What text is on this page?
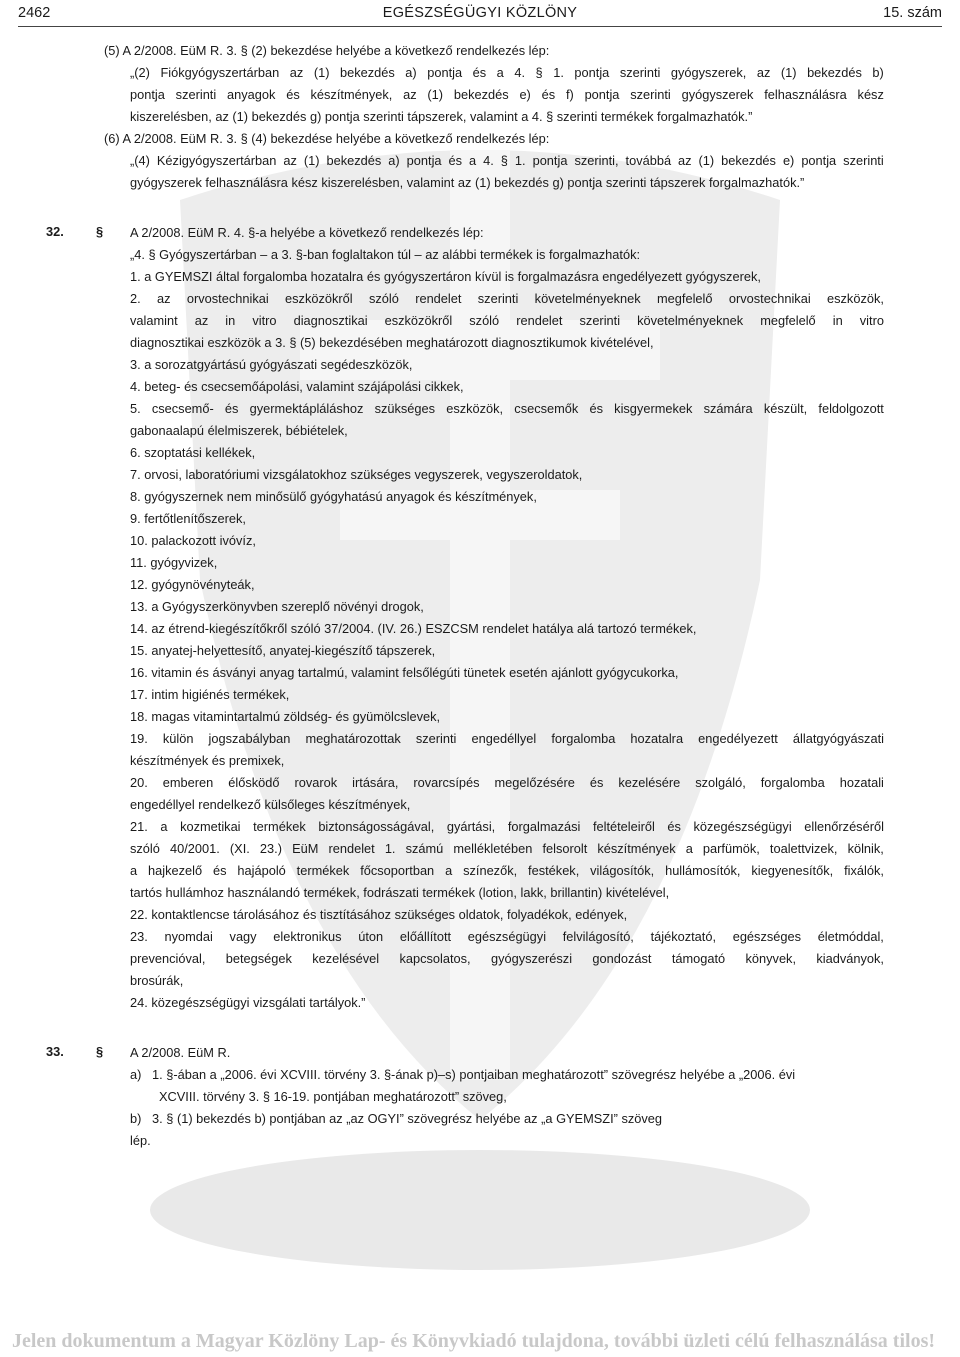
2462	EGÉSZSÉGÜGYI KÖZLÖNY	15. szám
(5) A 2/2008. EüM R. 3. § (2) bekezdése helyébe a következő rendelkezés lép:
„(2) Fiókgyógyszertárban az (1) bekezdés a) pontja és a 4. § 1. pontja szerinti gyógyszerek, az (1) bekezdés b)
pontja szerinti anyagok és készítmények, az (1) bekezdés e) és f) pontja szerinti gyógyszerek felhasználásra kész
kiszerelésben, az (1) bekezdés g) pontja szerinti tápszerek, valamint a 4. § szerinti termékek forgalmazhatók.”
(6) A 2/2008. EüM R. 3. § (4) bekezdése helyébe a következő rendelkezés lép:
„(4) Kézigyógyszertárban az (1) bekezdés a) pontja és a 4. § 1. pontja szerinti, továbbá az (1) bekezdés e) pontja szerinti
gyógyszerek felhasználásra kész kiszerelésben, valamint az (1) bekezdés g) pontja szerinti tápszerek forgalmazhatók.”
32.	§ A 2/2008. EüM R. 4. §-a helyébe a következő rendelkezés lép:
„4. § Gyógyszertárban – a 3. §-ban foglaltakon túl – az alábbi termékek is forgalmazhatók:
1. a GYEMSZI által forgalomba hozatalra és gyógyszertáron kívül is forgalmazásra engedélyezett gyógyszerek,
2. az orvostechnikai eszközökről szóló rendelet szerinti követelményeknek megfelelő orvostechnikai eszközök,
valamint az in vitro diagnosztikai eszközökről szóló rendelet szerinti követelményeknek megfelelő in vitro
diagnosztikai eszközök a 3. § (5) bekezdésében meghatározott diagnosztikumok kivételével,
3. a sorozatgyártású gyógyászati segédeszközök,
4. beteg- és csecsemőápolási, valamint szájápolási cikkek,
5. csecsemő- és gyermektápláláshoz szükséges eszközök, csecsemők és kisgyermekek számára készült, feldolgozott
gabonaalapú élelmiszerek, bébiételek,
6. szoptatási kellékek,
7. orvosi, laboratóriumi vizsgálatokhoz szükséges vegyszerek, vegyszeroldatok,
8. gyógyszernek nem minősülő gyógyhatású anyagok és készítmények,
9. fertőtlenítőszerek,
10. palackozott ivóvíz,
11. gyógyvizek,
12. gyógynövényteák,
13. a Gyógyszerkönyvben szereplő növényi drogok,
14. az étrend-kiegészítőkről szóló 37/2004. (IV. 26.) ESZCSM rendelet hatálya alá tartozó termékek,
15. anyatej-helyettesítő, anyatej-kiegészítő tápszerek,
16. vitamin és ásványi anyag tartalmú, valamint felsőlégúti tünetek esetén ajánlott gyógycukorka,
17. intim higiénés termékek,
18. magas vitamintartalmú zöldség- és gyümölcslevek,
19. külön jogszabályban meghatározottak szerinti engedéllyel forgalomba hozatalra engedélyezett állatgyógyászati
készítmények és premixek,
20. emberen élősködő rovarok irtására, rovarcsípés megelőzésére és kezelésére szolgáló, forgalomba hozatali
engedéllyel rendelkező külsőleges készítmények,
21. a kozmetikai termékek biztonságosságával, gyártási, forgalmazási feltételeiről és közegészségügyi ellenőrzéséről
szóló 40/2001. (XI. 23.) EüM rendelet 1. számú mellékletében felsorolt készítmények a parfümök, toalettvizek, kölnik,
a hajkezelő és hajápoló termékek főcsoportban a színezők, festékek, világosítók, hullámosítók, kiegyenesítők, fixálók,
tartós hullámhoz használandó termékek, fodrászati termékek (lotion, lakk, brillantin) kivételével,
22. kontaktlencse tárolásához és tisztításához szükséges oldatok, folyadékok, edények,
23. nyomdai vagy elektronikus úton előállított egészségügyi felvilágosító, tájékoztató, egészséges életmóddal,
prevencióval, betegségek kezelésével kapcsolatos, gyógyszerészi gondozást támogató könyvek, kiadványok,
brosúrák,
24. közegészségügyi vizsgálati tartályok.”
33.	§ A 2/2008. EüM R.
a)   1. §-ában a „2006. évi XCVIII. törvény 3. §-ának p)–s) pontjaiban meghatározott” szövegrész helyébe a „2006. évi
XCVIII. törvény 3. § 16-19. pontjában meghatározott” szöveg,
b)   3. § (1) bekezdés b) pontjában az „az OGYI” szövegrész helyébe az „a GYEMSZI” szöveg
lép.
Jelen dokumentum a Magyar Közlöny Lap- és Könyvkiadó tulajdona, további üzleti célú felhasználása tilos!
